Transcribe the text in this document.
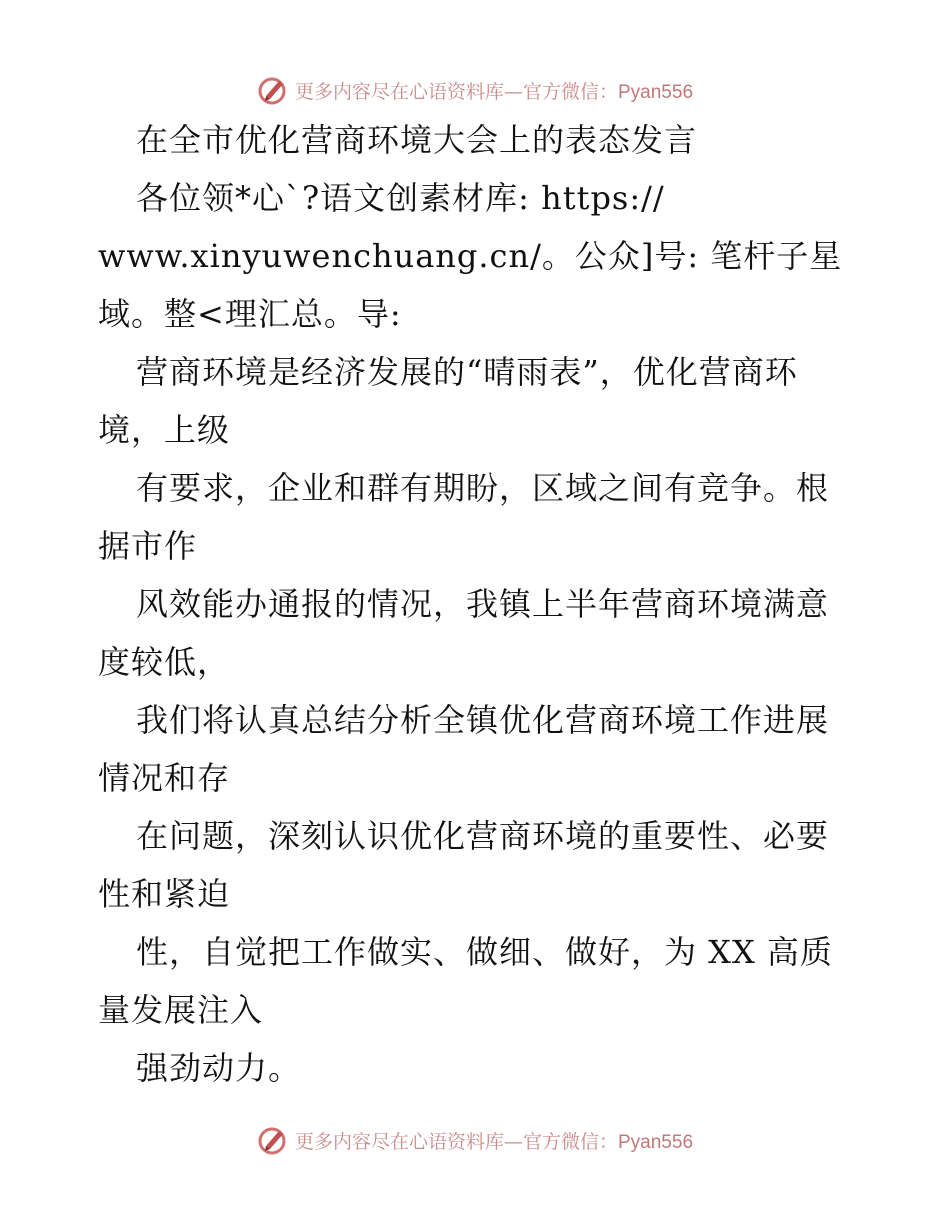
更多内容尽在心语资料库—官方微信：Pyan556
在全市优化营商环境大会上的表态发言
各位领*心`?语文创素材库: https://
www.xinyuwenchuang.cn/。公众]号: 笔杆子星
域。整<理汇总。导:
营商环境是经济发展的“晴雨表”，优化营商环
境，上级
有要求，企业和群有期盼，区域之间有竞争。根
据市作
风效能办通报的情况，我镇上半年营商环境满意
度较低，
我们将认真总结分析全镇优化营商环境工作进展
情况和存
在问题，深刻认识优化营商环境的重要性、必要
性和紧迫
性，自觉把工作做实、做细、做好，为 XX 高质
量发展注入
强劲动力。
更多内容尽在心语资料库—官方微信：Pyan556
